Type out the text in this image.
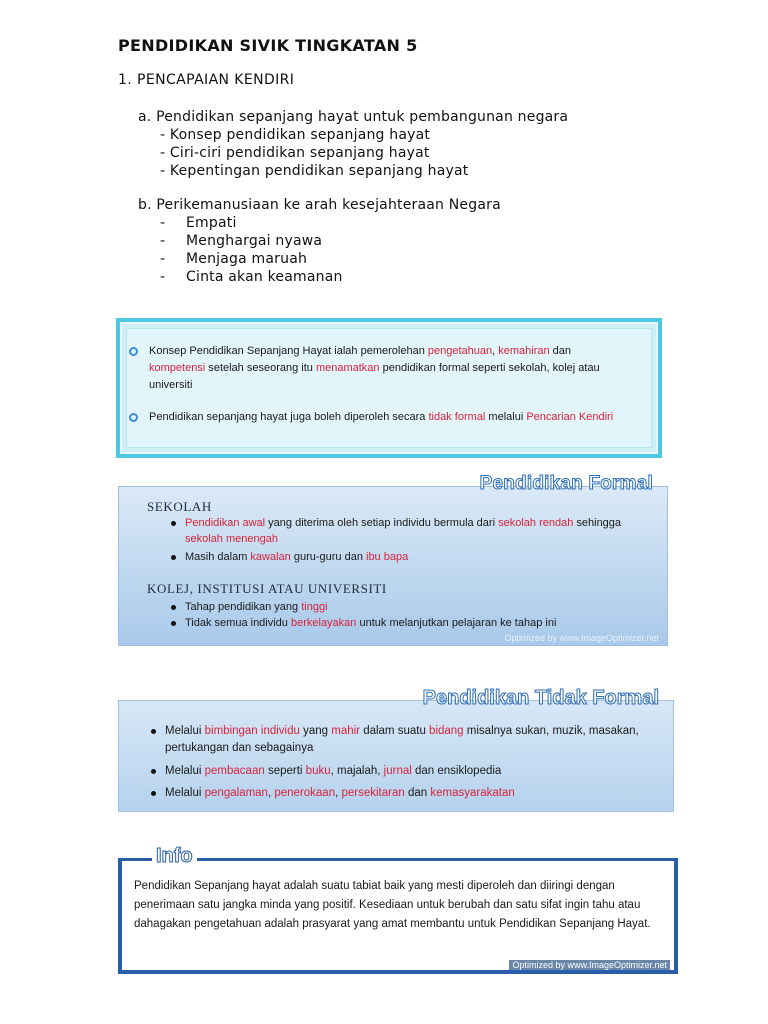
PENDIDIKAN SIVIK TINGKATAN 5
1. PENCAPAIAN KENDIRI
a. Pendidikan sepanjang hayat untuk pembangunan negara
- Konsep pendidikan sepanjang hayat
- Ciri-ciri pendidikan sepanjang hayat
- Kepentingan pendidikan sepanjang hayat
b. Perikemanusiaan ke arah kesejahteraan Negara
-	Empati
-	Menghargai nyawa
-	Menjaga maruah
-	Cinta akan keamanan
Konsep Pendidikan Sepanjang Hayat ialah pemerolehan pengetahuan, kemahiran dan kompetensi setelah seseorang itu menamatkan pendidikan formal seperti sekolah, kolej atau universiti
Pendidikan sepanjang hayat juga boleh diperoleh secara tidak formal melalui Pencarian Kendiri
Pendidikan Formal
SEKOLAH
Pendidikan awal yang diterima oleh setiap individu bermula dari sekolah rendah sehingga sekolah menengah
Masih dalam kawalan guru-guru dan ibu bapa
KOLEJ, INSTITUSI ATAU UNIVERSITI
Tahap pendidikan yang tinggi
Tidak semua individu berkelayakan untuk melanjutkan pelajaran ke tahap ini
Optimized by www.ImageOptimizer.net
Pendidikan Tidak Formal
Melalui bimbingan individu yang mahir dalam suatu bidang misalnya sukan, muzik, masakan, pertukangan dan sebagainya
Melalui pembacaan seperti buku, majalah, jurnal dan ensiklopedia
Melalui pengalaman, penerokaan, persekitaran dan kemasyarakatan
Info
Pendidikan Sepanjang hayat adalah suatu tabiat baik yang mesti diperoleh dan diiringi dengan penerimaan satu jangka minda yang positif. Kesediaan untuk berubah dan satu sifat ingin tahu atau dahagakan pengetahuan adalah prasyarat yang amat membantu untuk Pendidikan Sepanjang Hayat.
Optimized by www.ImageOptimizer.net
